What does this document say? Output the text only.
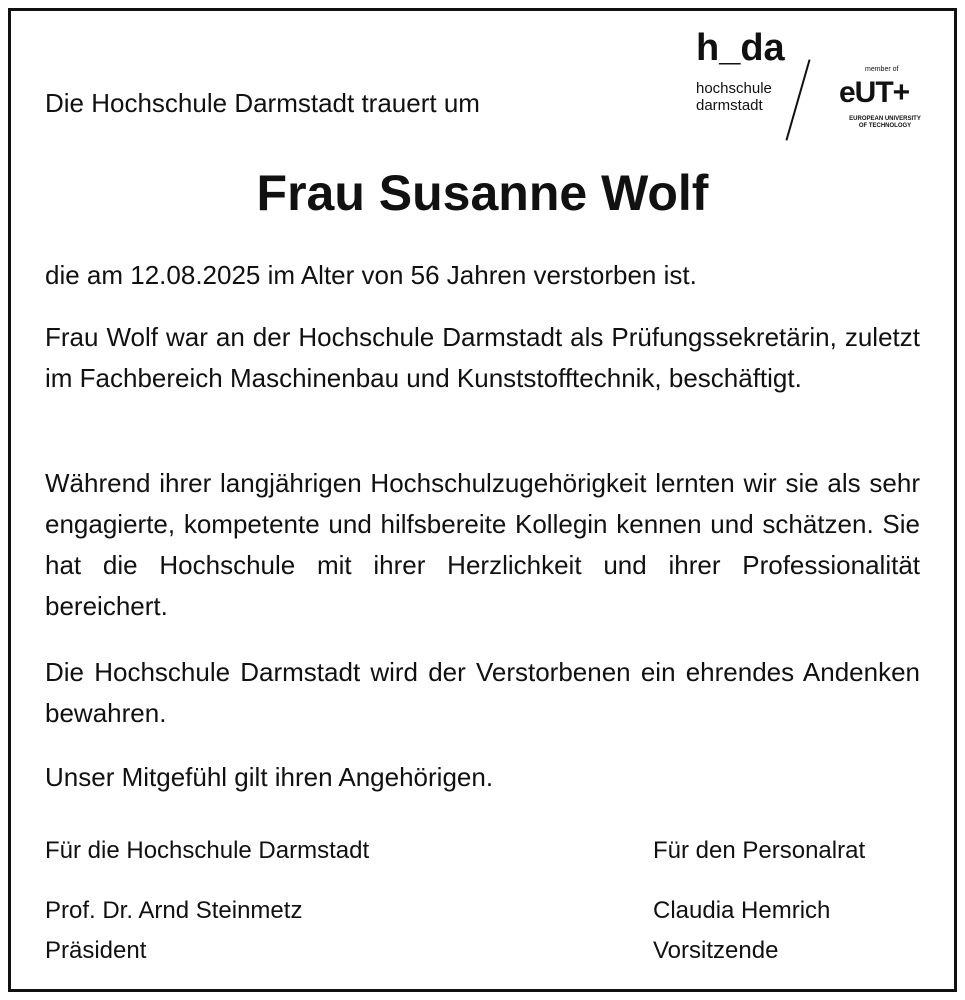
Die Hochschule Darmstadt trauert um
h_da
hochschule
darmstadt
member of
eUT+
EUROPEAN UNIVERSITY
OF TECHNOLOGY
Frau Susanne Wolf

die am 12.08.2025 im Alter von 56 Jahren verstorben ist.

Frau Wolf war an der Hochschule Darmstadt als Prüfungssekretärin, zuletzt im Fachbereich Maschinenbau und Kunststofftechnik, beschäftigt.

Während ihrer langjährigen Hochschulzugehörigkeit lernten wir sie als sehr engagierte, kompetente und hilfsbereite Kollegin kennen und schätzen. Sie hat die Hochschule mit ihrer Herzlichkeit und ihrer Professionalität bereichert.

Die Hochschule Darmstadt wird der Verstorbenen ein ehrendes Andenken bewahren.

Unser Mitgefühl gilt ihren Angehörigen.

Für die Hochschule Darmstadt
Prof. Dr. Arnd Steinmetz
Präsident
Für den Personalrat
Claudia Hemrich
Vorsitzende
